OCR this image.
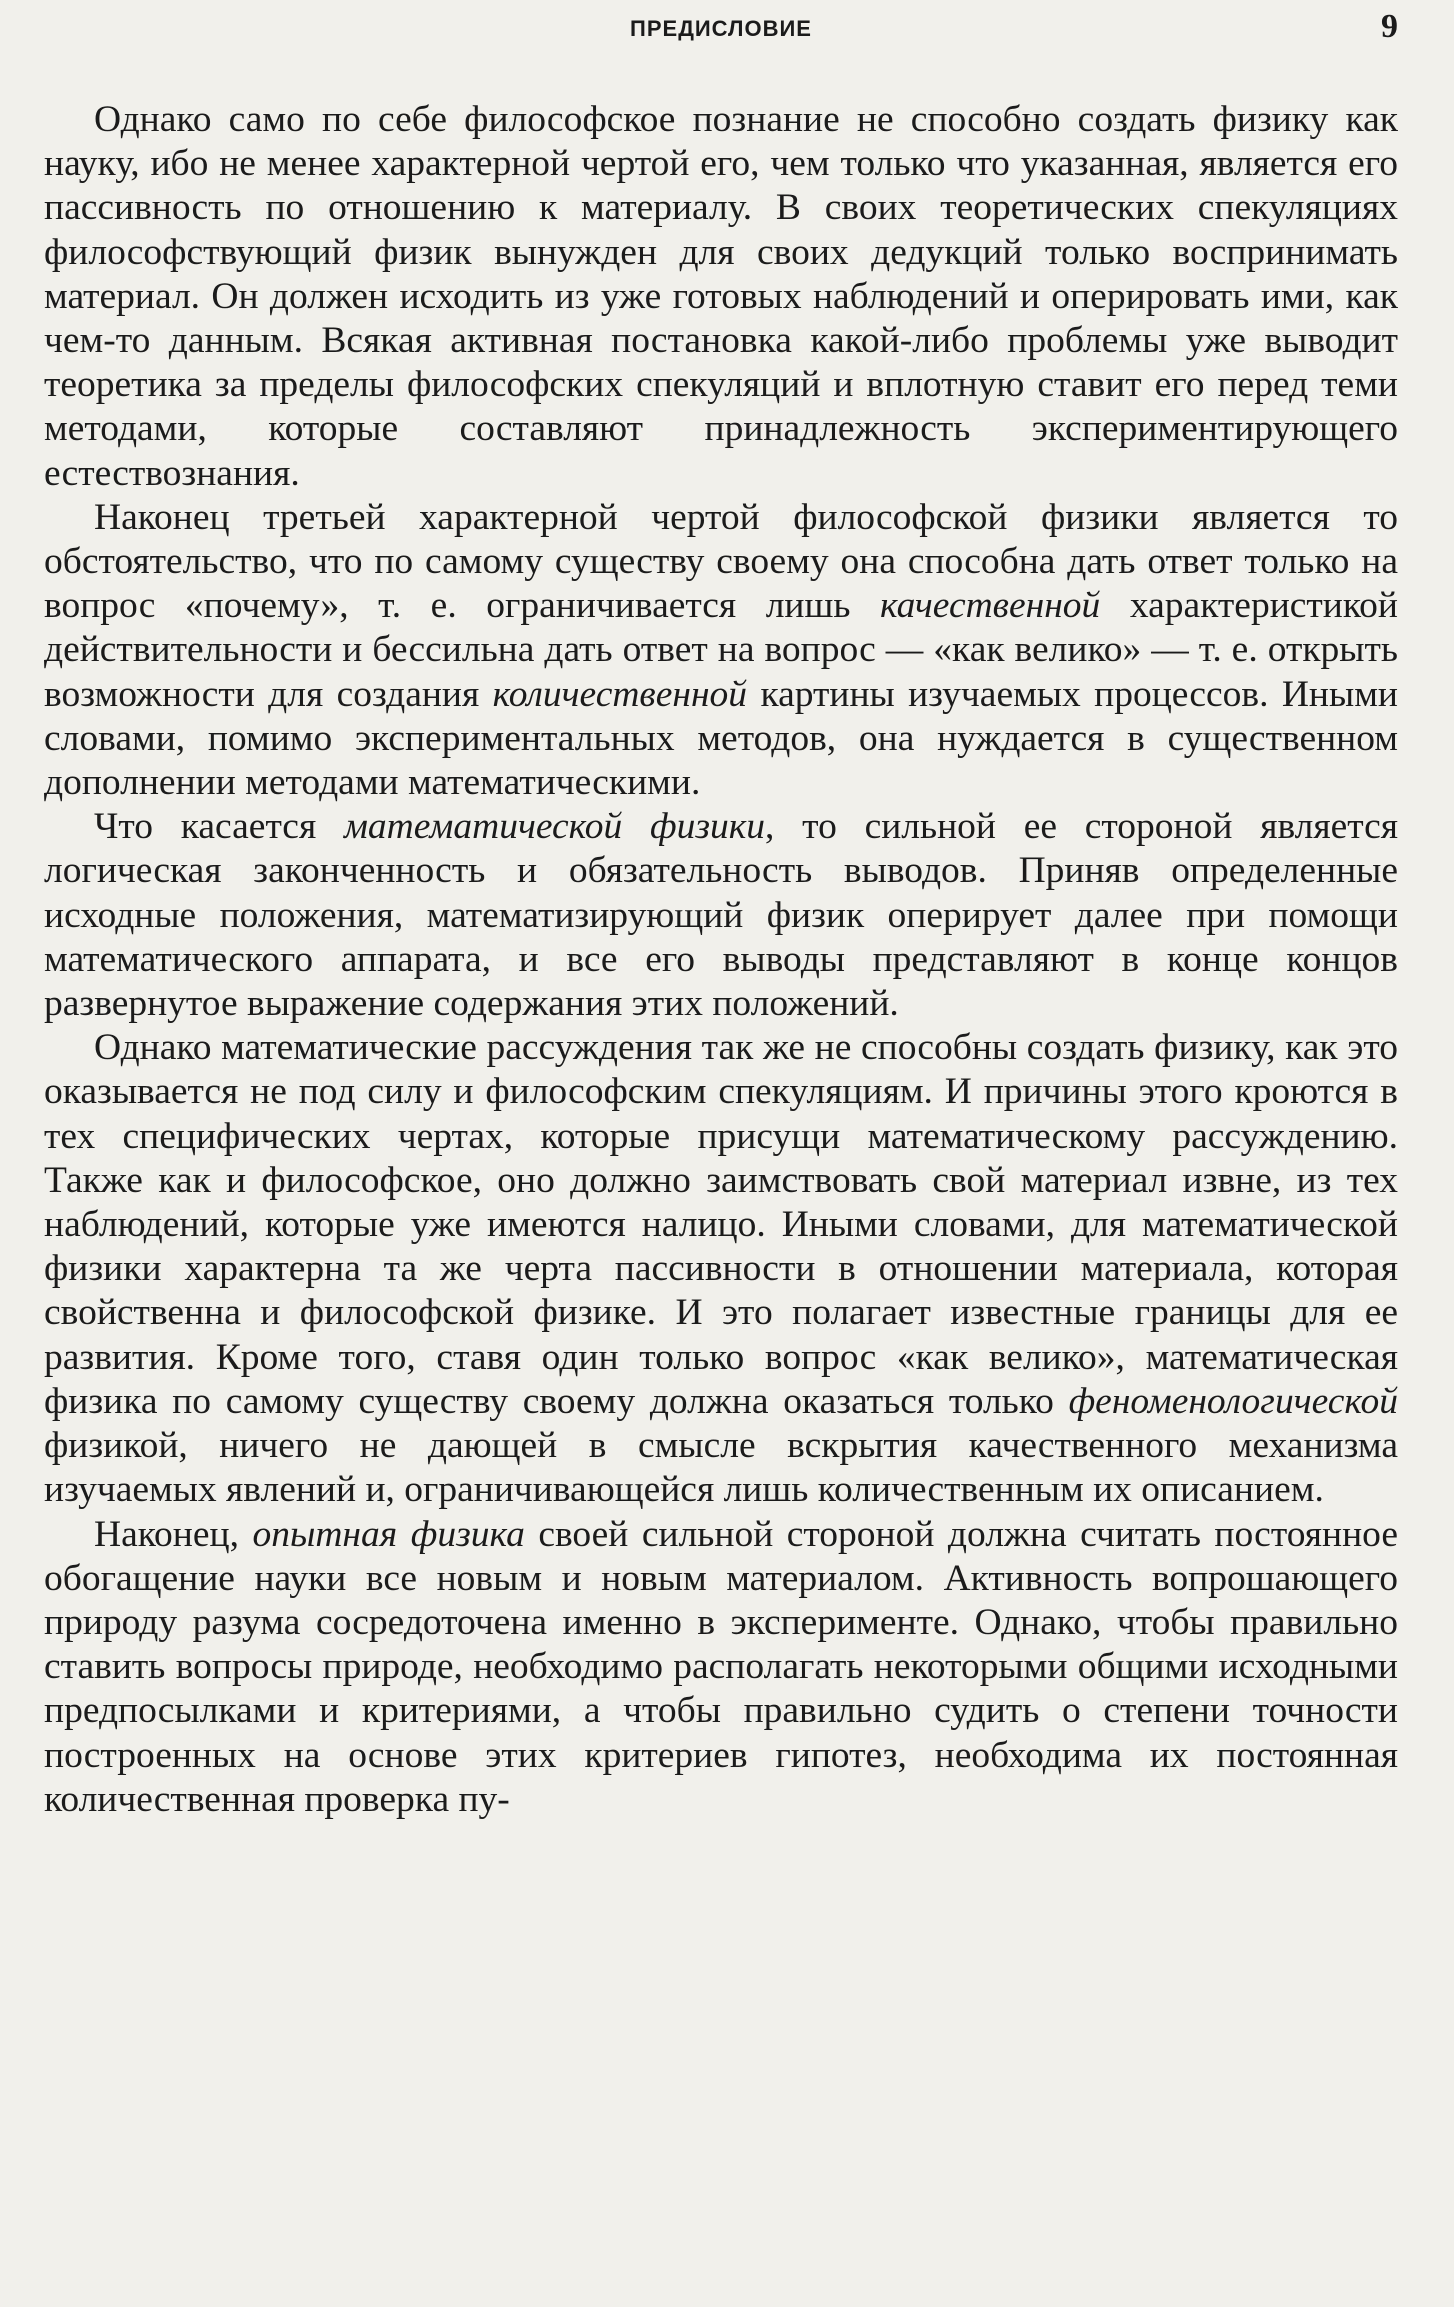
ПРЕДИСЛОВИЕ	9

Однако само по себе философское познание не способно создать физику как науку, ибо не менее характерной чертой его, чем только что указанная, является его пассивность по отношению к материалу. В своих теоретических спекуляциях философствующий физик вынужден для своих дедукций только воспринимать материал. Он должен исходить из уже готовых наблюдений и оперировать ими, как чем-то данным. Всякая активная постановка какой-либо проблемы уже выводит теоретика за пределы философских спекуляций и вплотную ставит его перед теми методами, которые составляют принадлежность экспериментирующего естествознания.

Наконец третьей характерной чертой философской физики является то обстоятельство, что по самому существу своему она способна дать ответ только на вопрос «почему», т. е. ограничивается лишь качественной характеристикой действительности и бессильна дать ответ на вопрос — «как велико» — т. е. открыть возможности для создания количественной картины изучаемых процессов. Иными словами, помимо экспериментальных методов, она нуждается в существенном дополнении методами математическими.

Что касается математической физики, то сильной ее стороной является логическая законченность и обязательность выводов. Приняв определенные исходные положения, математизирующий физик оперирует далее при помощи математического аппарата, и все его выводы представляют в конце концов развернутое выражение содержания этих положений.

Однако математические рассуждения так же не способны создать физику, как это оказывается не под силу и философским спекуляциям. И причины этого кроются в тех специфических чертах, которые присущи математическому рассуждению. Также как и философское, оно должно заимствовать свой материал извне, из тех наблюдений, которые уже имеются налицо. Иными словами, для математической физики характерна та же черта пассивности в отношении материала, которая свойственна и философской физике. И это полагает известные границы для ее развития. Кроме того, ставя один только вопрос «как велико», математическая физика по самому существу своему должна оказаться только феноменологической физикой, ничего не дающей в смысле вскрытия качественного механизма изучаемых явлений и, ограничивающейся лишь количественным их описанием.

Наконец, опытная физика своей сильной стороной должна считать постоянное обогащение науки все новым и новым материалом. Активность вопрошающего природу разума сосредоточена именно в эксперименте. Однако, чтобы правильно ставить вопросы природе, необходимо располагать некоторыми общими исходными предпосылками и критериями, а чтобы правильно судить о степени точности построенных на основе этих критериев гипотез, необходима их постоянная количественная проверка пу-
